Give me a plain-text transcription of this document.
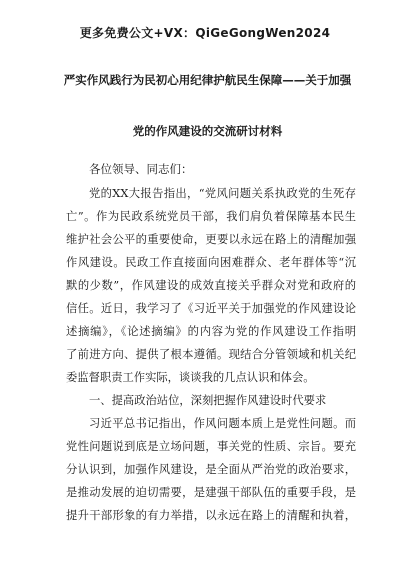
更多免费公文+VX：QiGeGongWen2024
严实作风践行为民初心用纪律护航民生保障——关于加强
党的作风建设的交流研讨材料
各位领导、同志们：
党的XX大报告指出，“党风问题关系执政党的生死存
亡”。作为民政系统党员干部，我们肩负着保障基本民生
维护社会公平的重要使命，更要以永远在路上的清醒加强
作风建设。民政工作直接面向困难群众、老年群体等“沉
默的少数”，作风建设的成效直接关乎群众对党和政府的
信任。近日，我学习了《习近平关于加强党的作风建设论
述摘编》，《论述摘编》的内容为党的作风建设工作指明
了前进方向、提供了根本遵循。现结合分管领域和机关纪
委监督职责工作实际，谈谈我的几点认识和体会。
一、提高政治站位，深刻把握作风建设时代要求
习近平总书记指出，作风问题本质上是党性问题。而
党性问题说到底是立场问题，事关党的性质、宗旨。要充
分认识到，加强作风建设，是全面从严治党的政治要求，
是推动发展的迫切需要，是建强干部队伍的重要手段，是
提升干部形象的有力举措，以永远在路上的清醒和执着，
